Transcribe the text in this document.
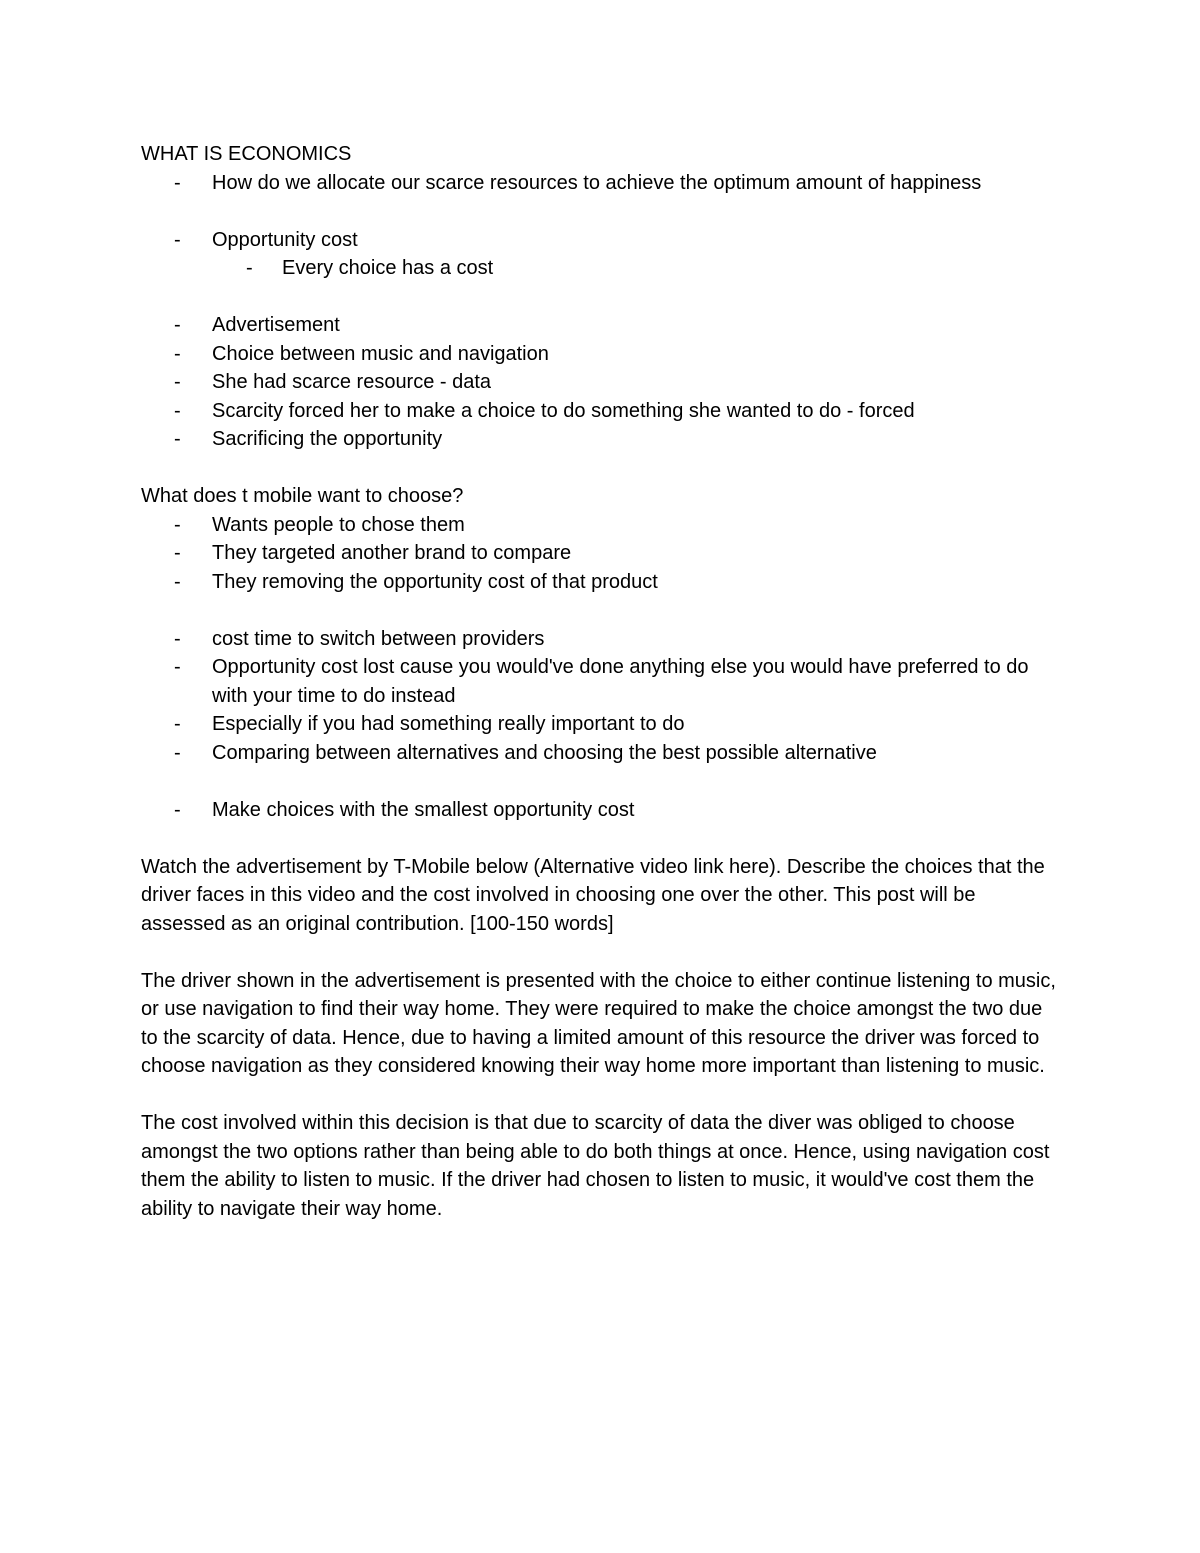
WHAT IS ECONOMICS
- How do we allocate our scarce resources to achieve the optimum amount of happiness
- Opportunity cost
- Every choice has a cost
- Advertisement
- Choice between music and navigation
- She had scarce resource - data
- Scarcity forced her to make a choice to do something she wanted to do - forced
- Sacrificing the opportunity
What does t mobile want to choose?
- Wants people to chose them
- They targeted another brand to compare
- They removing the opportunity cost of that product
- cost time to switch between providers
- Opportunity cost lost cause you would've done anything else you would have preferred to do with your time to do instead
- Especially if you had something really important to do
- Comparing between alternatives and choosing the best possible alternative
- Make choices with the smallest opportunity cost

Watch the advertisement by T-Mobile below (Alternative video link here). Describe the choices that the driver faces in this video and the cost involved in choosing one over the other. This post will be assessed as an original contribution. [100-150 words]

The driver shown in the advertisement is presented with the choice to either continue listening to music, or use navigation to find their way home. They were required to make the choice amongst the two due to the scarcity of data. Hence, due to having a limited amount of this resource the driver was forced to choose navigation as they considered knowing their way home more important than listening to music.

The cost involved within this decision is that due to scarcity of data the diver was obliged to choose amongst the two options rather than being able to do both things at once. Hence, using navigation cost them the ability to listen to music. If the driver had chosen to listen to music, it would've cost them the ability to navigate their way home.
